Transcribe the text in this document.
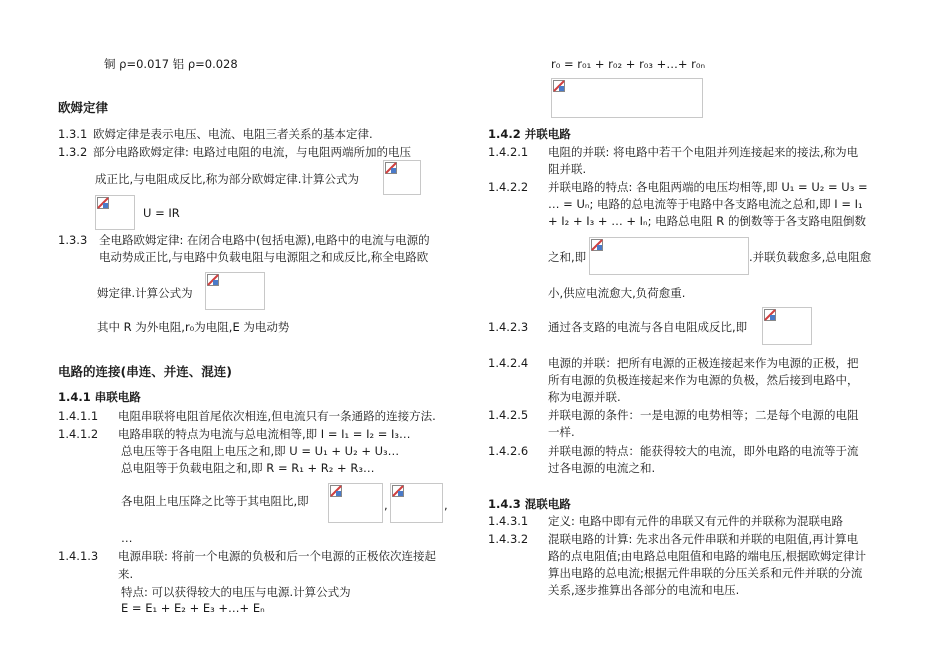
铜 ρ=0.017 铝 ρ=0.028
欧姆定律
1.3.1 欧姆定律是表示电压、电流、电阻三者关系的基本定律.
1.3.2 部分电路欧姆定律: 电路过电阻的电流，与电阻两端所加的电压
成正比,与电阻成反比,称为部分欧姆定律.计算公式为
U = IR
1.3.3 全电路欧姆定律: 在闭合电路中(包括电源),电路中的电流与电源的
电动势成正比,与电路中负载电阻与电源阻之和成反比,称全电路欧
姆定律.计算公式为
其中 R 为外电阻,r₀为电阻,E 为电动势
电路的连接(串连、并连、混连)
1.4.1 串联电路
1.4.1.1 电阻串联将电阻首尾依次相连,但电流只有一条通路的连接方法.
1.4.1.2 电路串联的特点为电流与总电流相等,即 I = I₁ = I₂ = I₃…
总电压等于各电阻上电压之和,即 U = U₁ + U₂ + U₃…
总电阻等于负载电阻之和,即 R = R₁ + R₂ + R₃…
各电阻上电压降之比等于其电阻比,即	,	,
…
1.4.1.3 电源串联: 将前一个电源的负极和后一个电源的正极依次连接起
来.
特点: 可以获得较大的电压与电源.计算公式为
E = E₁ + E₂ + E₃ +…+ Eₙ
r₀ = r₀₁ + r₀₂ + r₀₃ +…+ r₀ₙ
1.4.2 并联电路
1.4.2.1 电阻的并联: 将电路中若干个电阻并列连接起来的接法,称为电
阻并联.
1.4.2.2 并联电路的特点: 各电阻两端的电压均相等,即 U₁ = U₂ = U₃ =
… = Uₙ; 电路的总电流等于电路中各支路电流之总和,即 I = I₁
+ I₂ + I₃ + … + Iₙ; 电路总电阻 R 的倒数等于各支路电阻倒数
之和,即	.并联负载愈多,总电阻愈
小,供应电流愈大,负荷愈重.
1.4.2.3 通过各支路的电流与各自电阻成反比,即
1.4.2.4 电源的并联：把所有电源的正极连接起来作为电源的正极，把
所有电源的负极连接起来作为电源的负极，然后接到电路中，
称为电源并联.
1.4.2.5 并联电源的条件：一是电源的电势相等；二是每个电源的电阻
一样.
1.4.2.6 并联电源的特点：能获得较大的电流，即外电路的电流等于流
过各电源的电流之和.
1.4.3 混联电路
1.4.3.1 定义: 电路中即有元件的串联又有元件的并联称为混联电路
1.4.3.2 混联电路的计算: 先求出各元件串联和并联的电阻值,再计算电
路的点电阻值;由电路总电阻值和电路的端电压,根据欧姆定律计
算出电路的总电流;根据元件串联的分压关系和元件并联的分流
关系,逐步推算出各部分的电流和电压.
